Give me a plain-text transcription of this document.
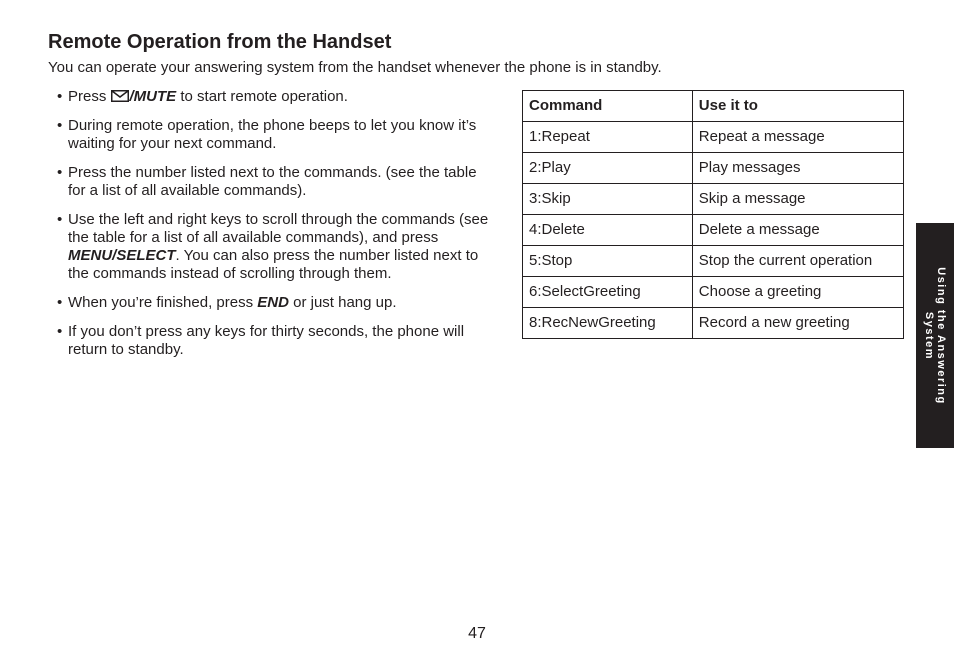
Remote Operation from the Handset

You can operate your answering system from the handset whenever the phone is in standby.

• Press /MUTE to start remote operation.
• During remote operation, the phone beeps to let you know it’s waiting for your next command.
• Press the number listed next to the commands. (see the table for a list of all available commands).
• Use the left and right keys to scroll through the commands (see the table for a list of all available commands), and press MENU/SELECT. You can also press the number listed next to the commands instead of scrolling through them.
• When you’re finished, press END or just hang up.
• If you don’t press any keys for thirty seconds, the phone will return to standby.
Command	Use it to
1:Repeat	Repeat a message
2:Play	Play messages
3:Skip	Skip a message
4:Delete	Delete a message
5:Stop	Stop the current operation
6:SelectGreeting	Choose a greeting
8:RecNewGreeting	Record a new greeting	Using the Answering
System
47
